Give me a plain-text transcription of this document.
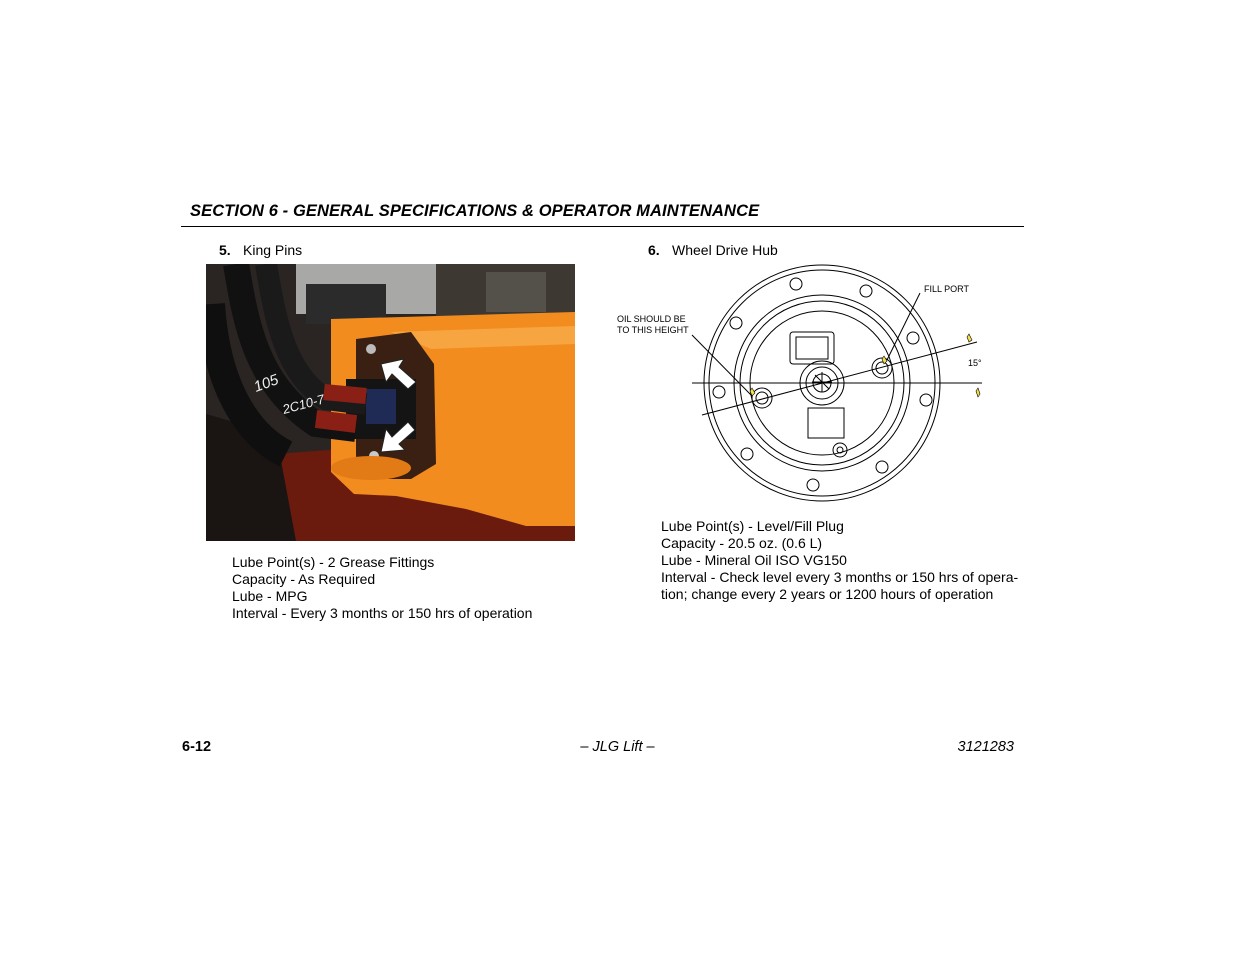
SECTION 6 - GENERAL SPECIFICATIONS & OPERATOR MAINTENANCE
5. King Pins
105
2C10-7
Lube Point(s) - 2 Grease Fittings
Capacity - As Required
Lube - MPG
Interval - Every 3 months or 150 hrs of operation
6. Wheel Drive Hub
FILL PORT
OIL SHOULD BE
TO THIS HEIGHT
15°
Lube Point(s) - Level/Fill Plug
Capacity - 20.5 oz. (0.6 L)
Lube - Mineral Oil ISO VG150
Interval - Check level every 3 months or 150 hrs of opera-
tion; change every 2 years or 1200 hours of operation
6-12	– JLG Lift –	3121283
